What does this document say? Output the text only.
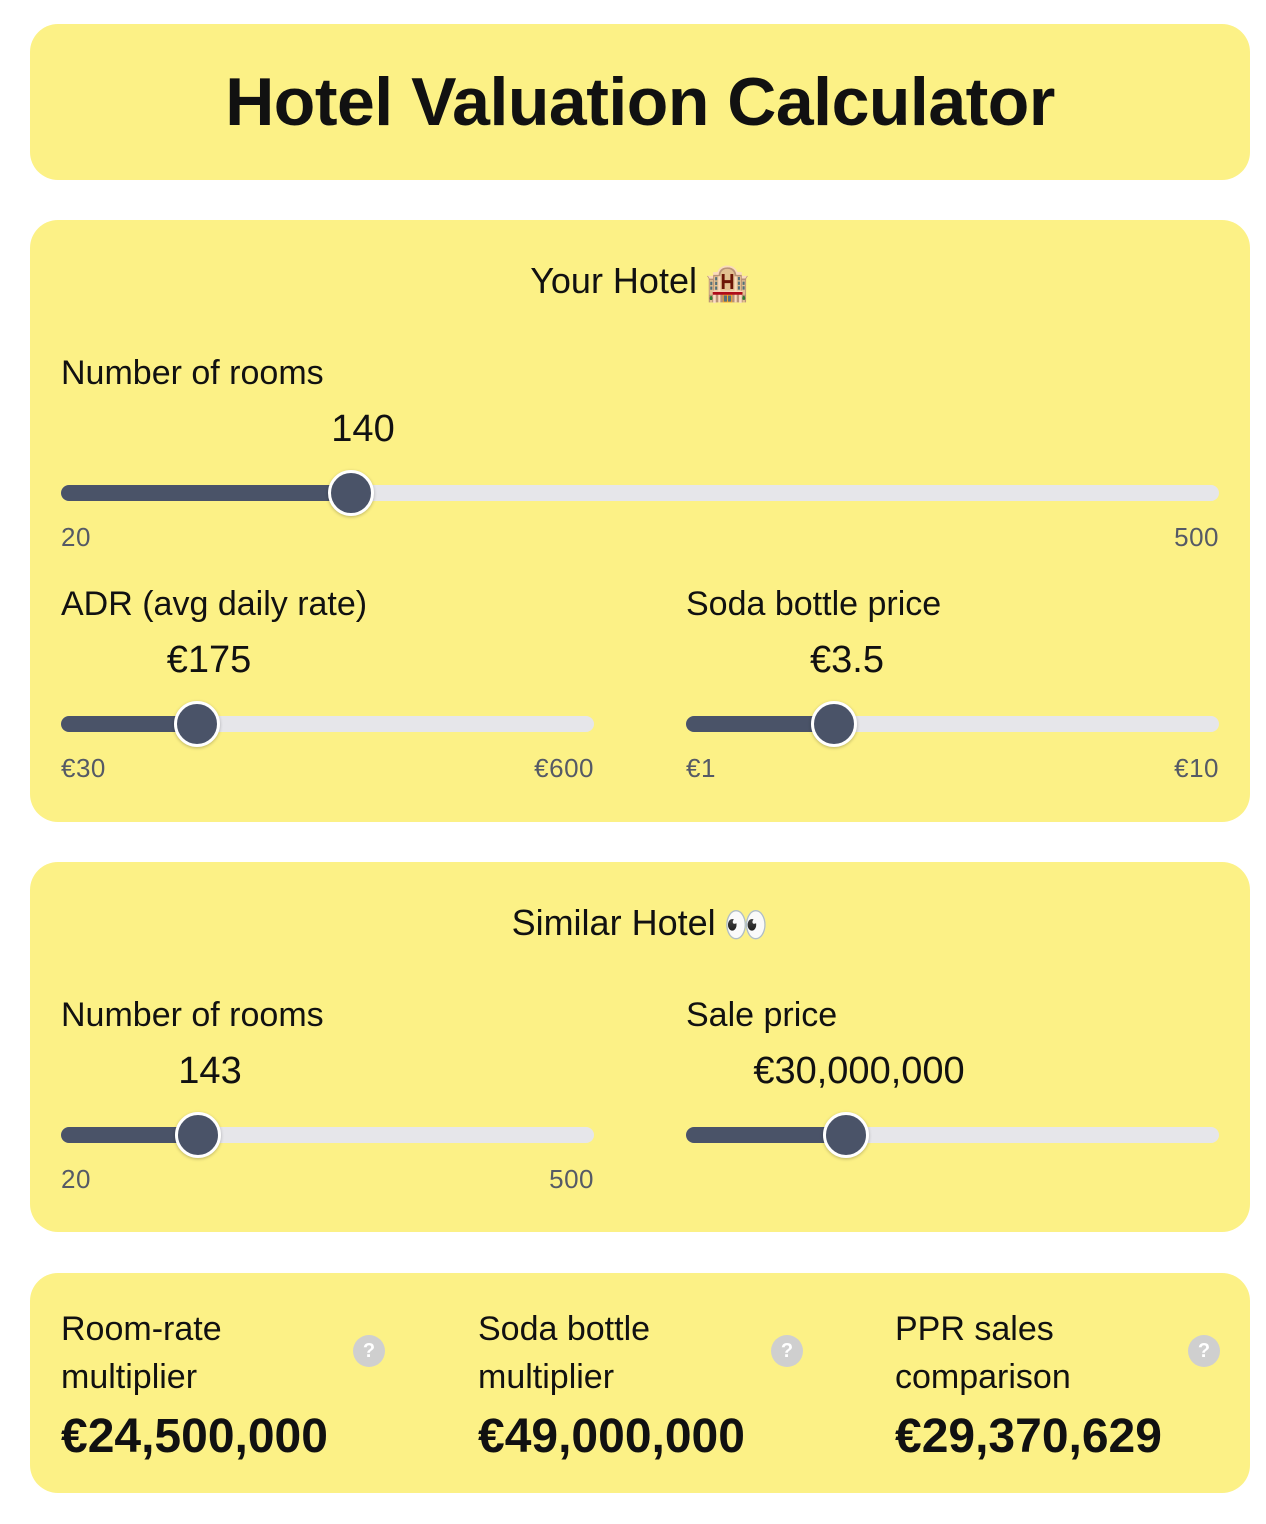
Hotel Valuation Calculator
Your Hotel 🏨
Number of rooms
140
20	500
ADR (avg daily rate)
€175
€30	€600
Soda bottle price
€3.5
€1	€10
Similar Hotel 👀
Number of rooms
143
20	500
Sale price
€30,000,000
Room-rate multiplier
?
€24,500,000
Soda bottle multiplier
?
€49,000,000
PPR sales comparison
?
€29,370,629
